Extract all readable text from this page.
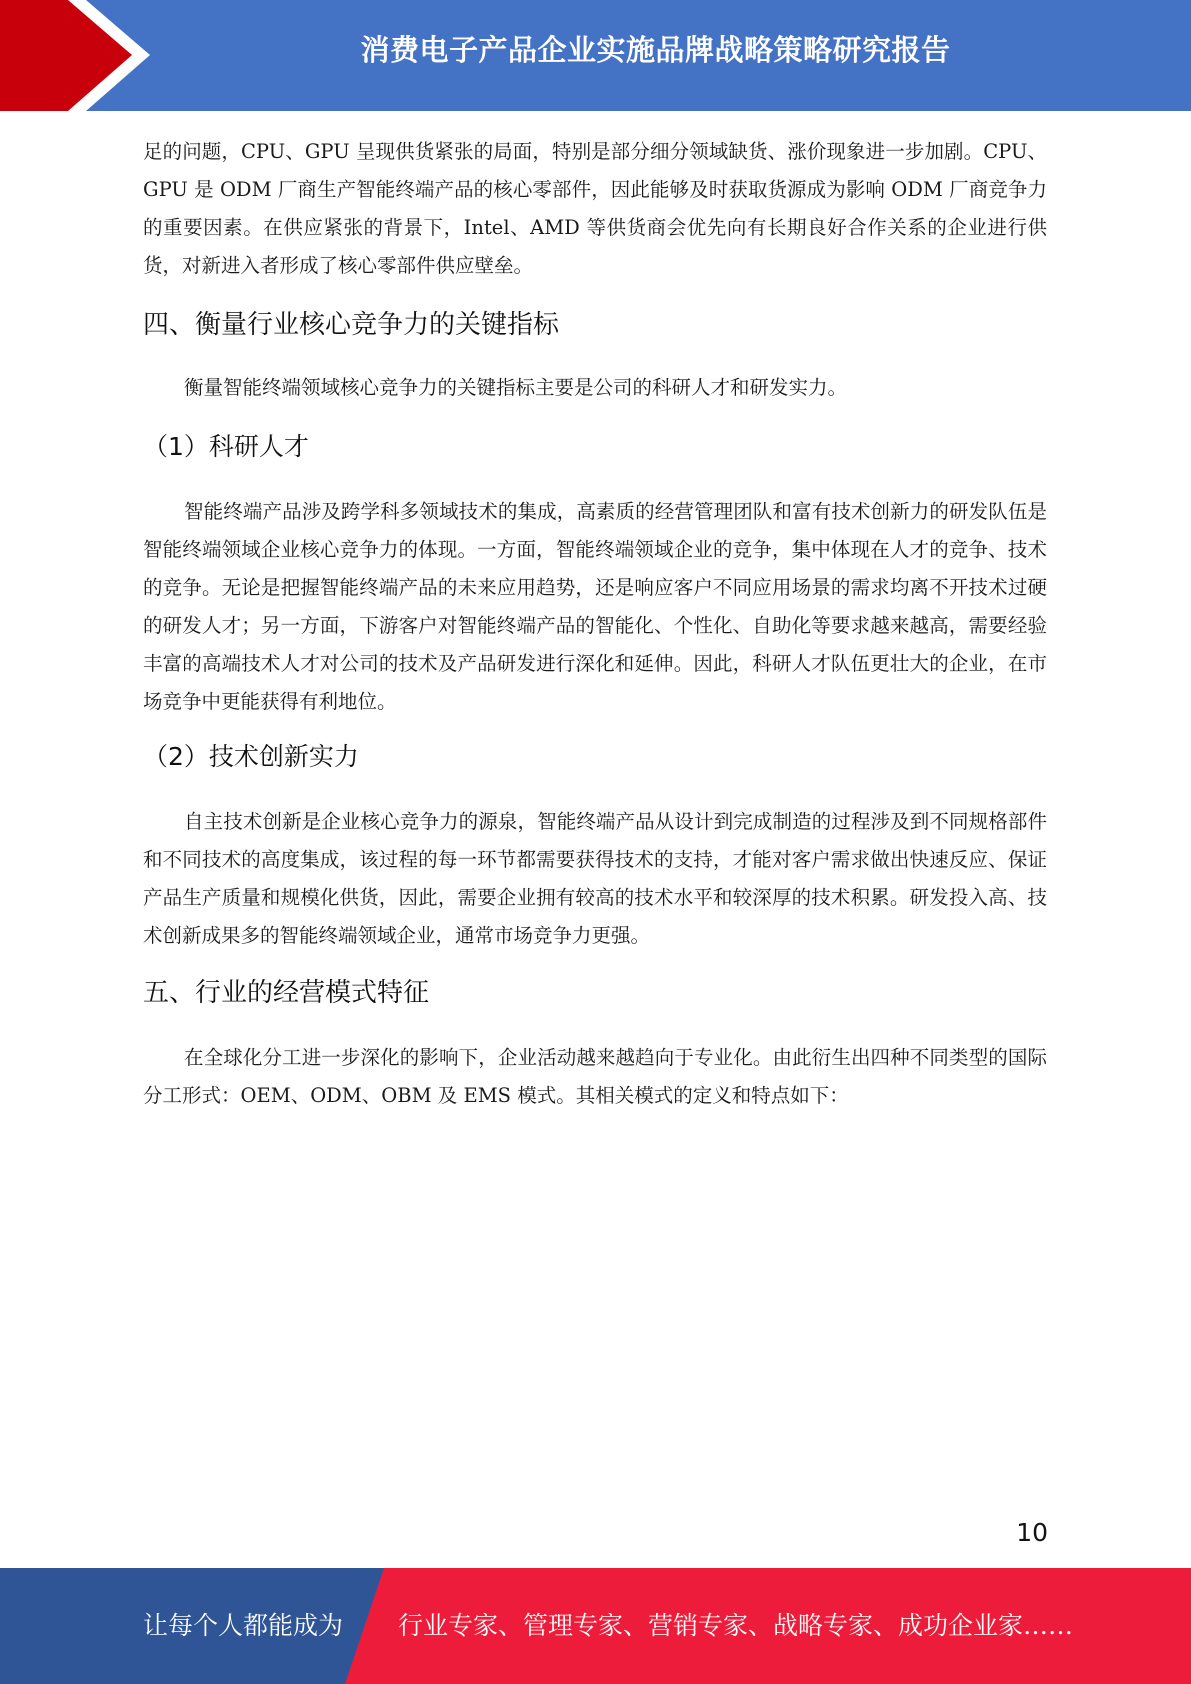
消费电子产品企业实施品牌战略策略研究报告

足的问题，CPU、GPU 呈现供货紧张的局面，特别是部分细分领域缺货、涨价现象进一步加剧。CPU、GPU 是 ODM 厂商生产智能终端产品的核心零部件，因此能够及时获取货源成为影响 ODM 厂商竞争力的重要因素。在供应紧张的背景下，Intel、AMD 等供货商会优先向有长期良好合作关系的企业进行供货，对新进入者形成了核心零部件供应壁垒。

四、衡量行业核心竞争力的关键指标

衡量智能终端领域核心竞争力的关键指标主要是公司的科研人才和研发实力。

（1）科研人才

智能终端产品涉及跨学科多领域技术的集成，高素质的经营管理团队和富有技术创新力的研发队伍是智能终端领域企业核心竞争力的体现。一方面，智能终端领域企业的竞争，集中体现在人才的竞争、技术的竞争。无论是把握智能终端产品的未来应用趋势，还是响应客户不同应用场景的需求均离不开技术过硬的研发人才；另一方面，下游客户对智能终端产品的智能化、个性化、自助化等要求越来越高，需要经验丰富的高端技术人才对公司的技术及产品研发进行深化和延伸。因此，科研人才队伍更壮大的企业，在市场竞争中更能获得有利地位。

（2）技术创新实力

自主技术创新是企业核心竞争力的源泉，智能终端产品从设计到完成制造的过程涉及到不同规格部件和不同技术的高度集成，该过程的每一环节都需要获得技术的支持，才能对客户需求做出快速反应、保证产品生产质量和规模化供货，因此，需要企业拥有较高的技术水平和较深厚的技术积累。研发投入高、技术创新成果多的智能终端领域企业，通常市场竞争力更强。

五、行业的经营模式特征

在全球化分工进一步深化的影响下，企业活动越来越趋向于专业化。由此衍生出四种不同类型的国际分工形式：OEM、ODM、OBM 及 EMS 模式。其相关模式的定义和特点如下：

10
让每个人都能成为 行业专家、管理专家、营销专家、战略专家、成功企业家……
